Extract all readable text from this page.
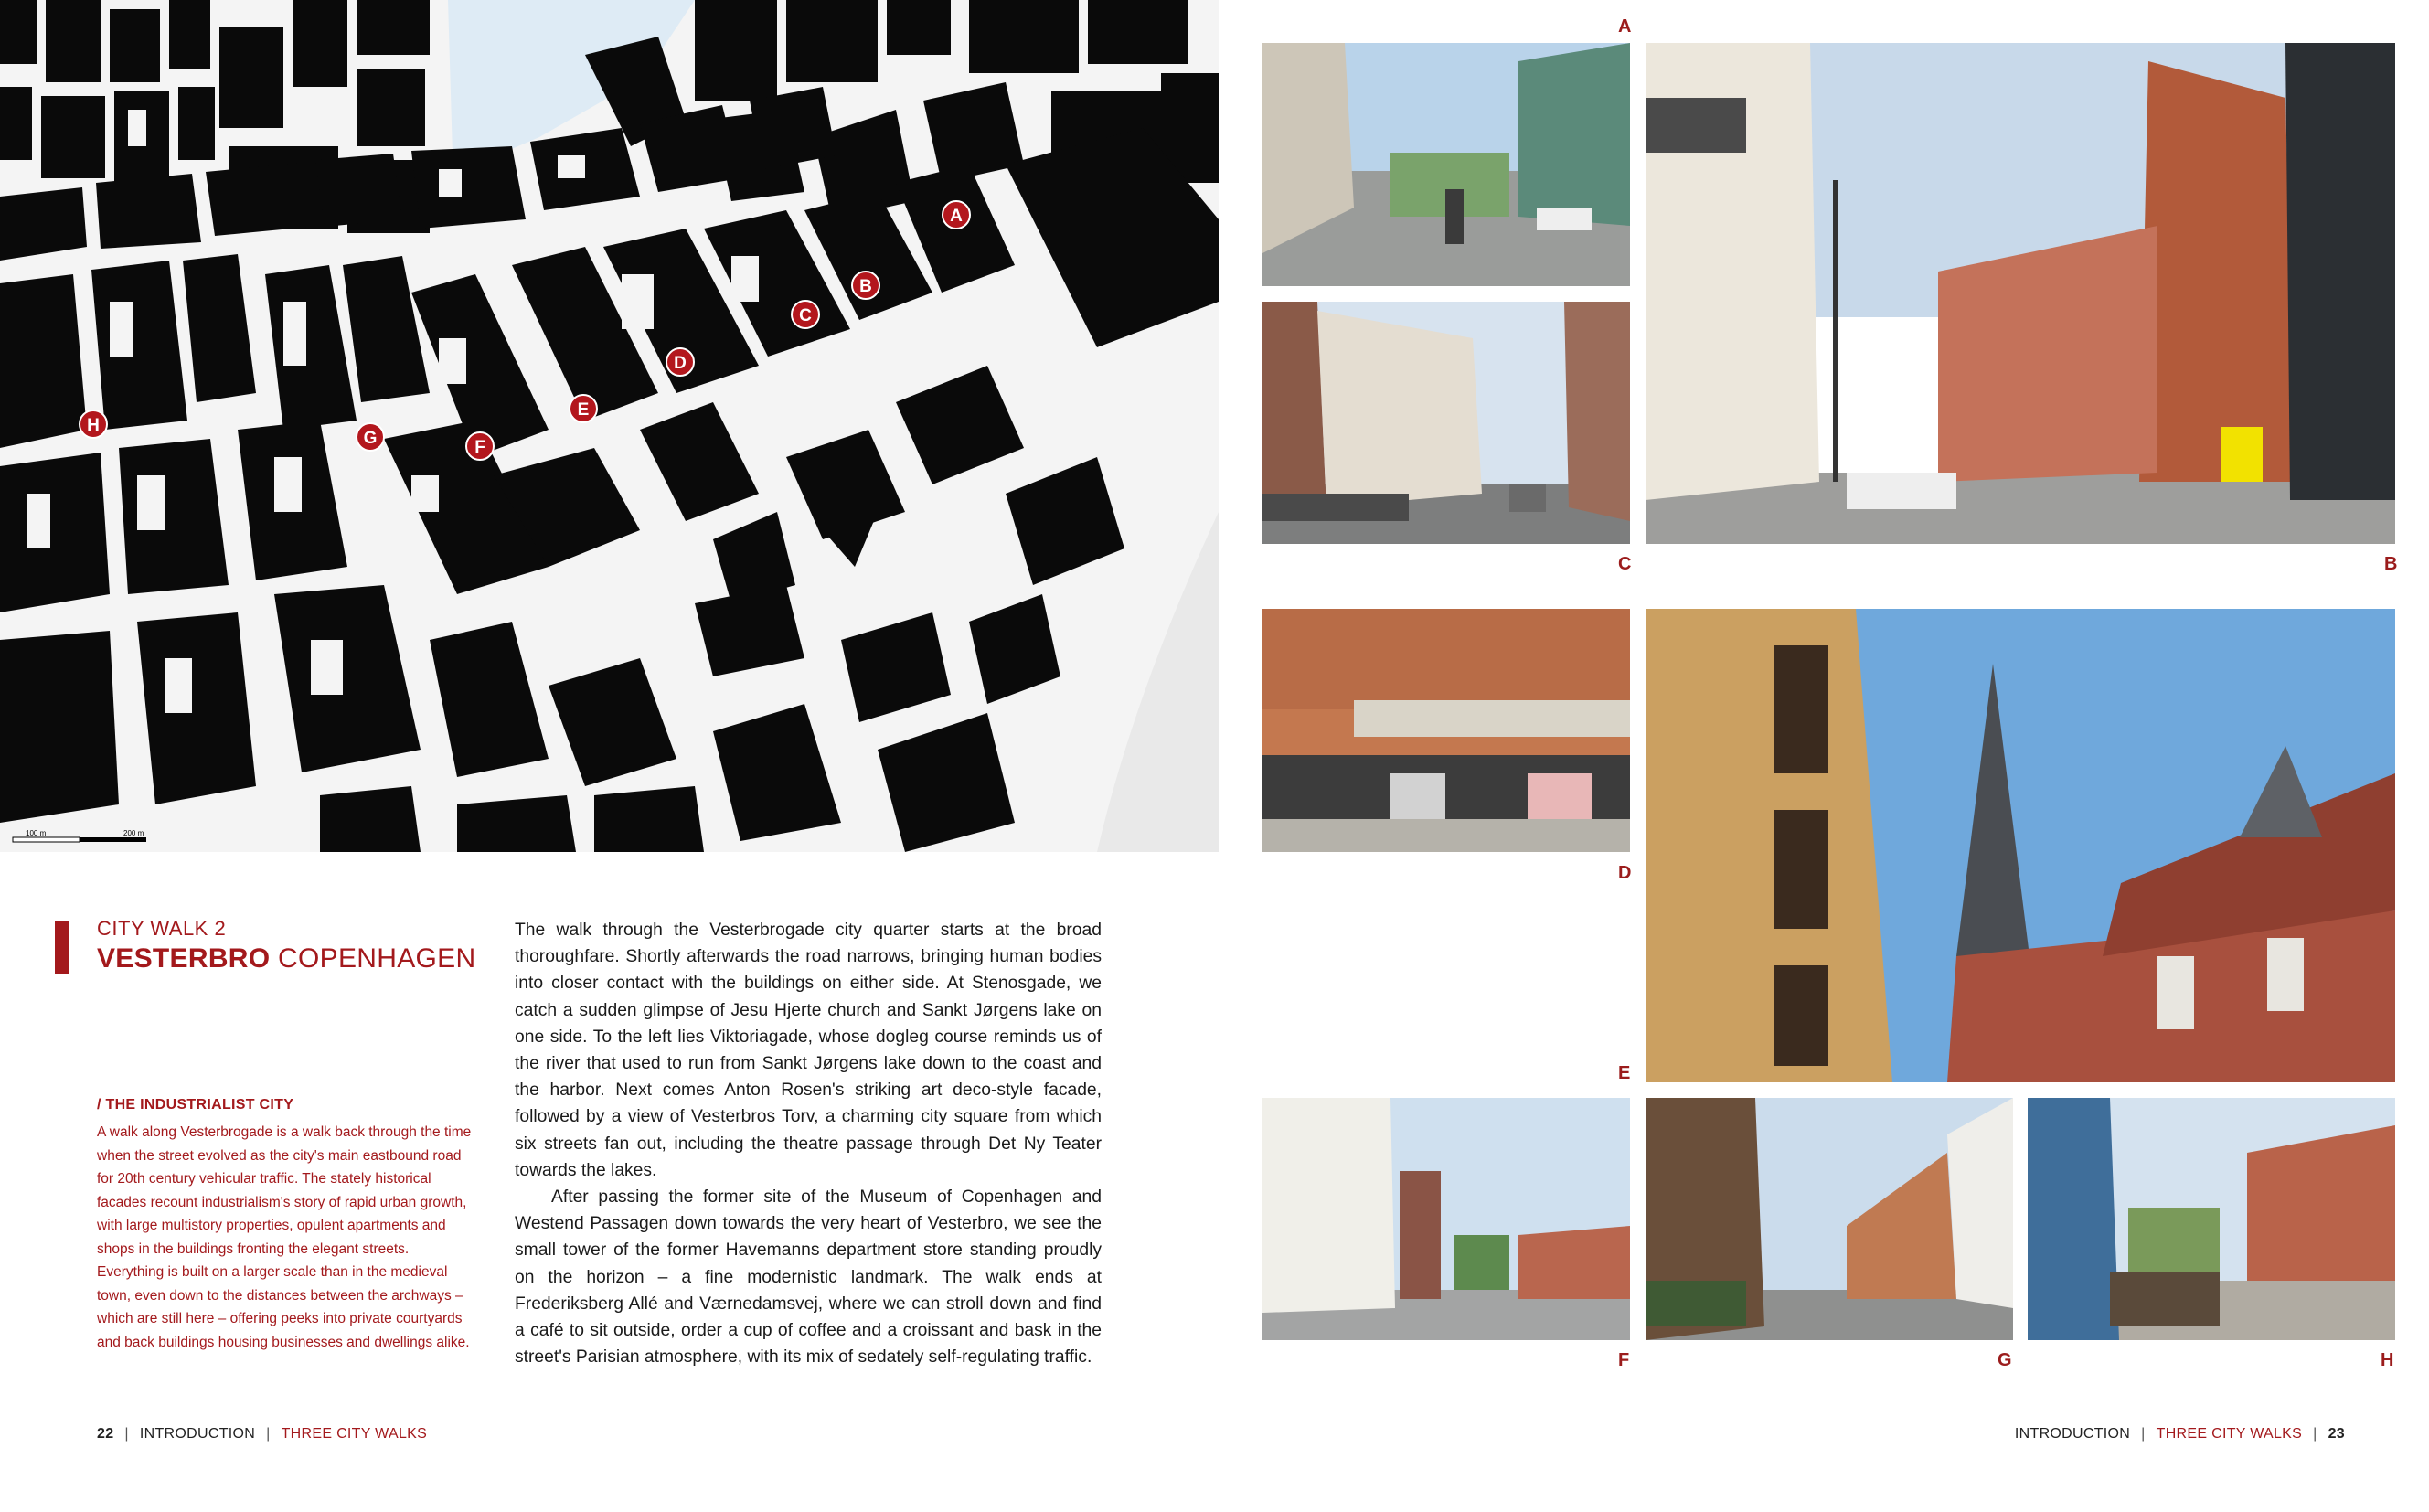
100 m	200 m
A
B
C
D
E
F
G
H
A
B
C
D
E
F	G	H
CITY WALK 2
VESTERBRO COPENHAGEN
/ THE INDUSTRIALIST CITY
A walk along Vesterbrogade is a walk back through the time when the street evolved as the city's main eastbound road for 20th century vehicular traffic. The stately historical facades recount industrialism's story of rapid urban growth, with large multistory properties, opulent apartments and shops in the buildings fronting the elegant streets. Everything is built on a larger scale than in the medieval town, even down to the distances between the archways – which are still here – offering peeks into private courtyards and back buildings housing businesses and dwellings alike.

The walk through the Vesterbrogade city quarter starts at the broad thoroughfare. Shortly afterwards the road narrows, bringing human bodies into closer contact with the buildings on either side. At Stenosgade, we catch a sudden glimpse of Jesu Hjerte church and Sankt Jørgens lake on one side. To the left lies Viktoriagade, whose dogleg course reminds us of the river that used to run from Sankt Jørgens lake down to the coast and the harbor. Next comes Anton Rosen's striking art deco-style facade, followed by a view of Vesterbros Torv, a charming city square from which six streets fan out, including the theatre passage through Det Ny Teater towards the lakes.

After passing the former site of the Museum of Copenhagen and Westend Passagen down towards the very heart of Vesterbro, we see the small tower of the former Havemanns department store standing proudly on the horizon – a fine modernistic landmark. The walk ends at Frederiksberg Allé and Værnedamsvej, where we can stroll down and find a café to sit outside, order a cup of coffee and a croissant and bask in the street's Parisian atmosphere, with its mix of sedately self-regulating traffic.

22 | INTRODUCTION | THREE CITY WALKS	INTRODUCTION | THREE CITY WALKS | 23
